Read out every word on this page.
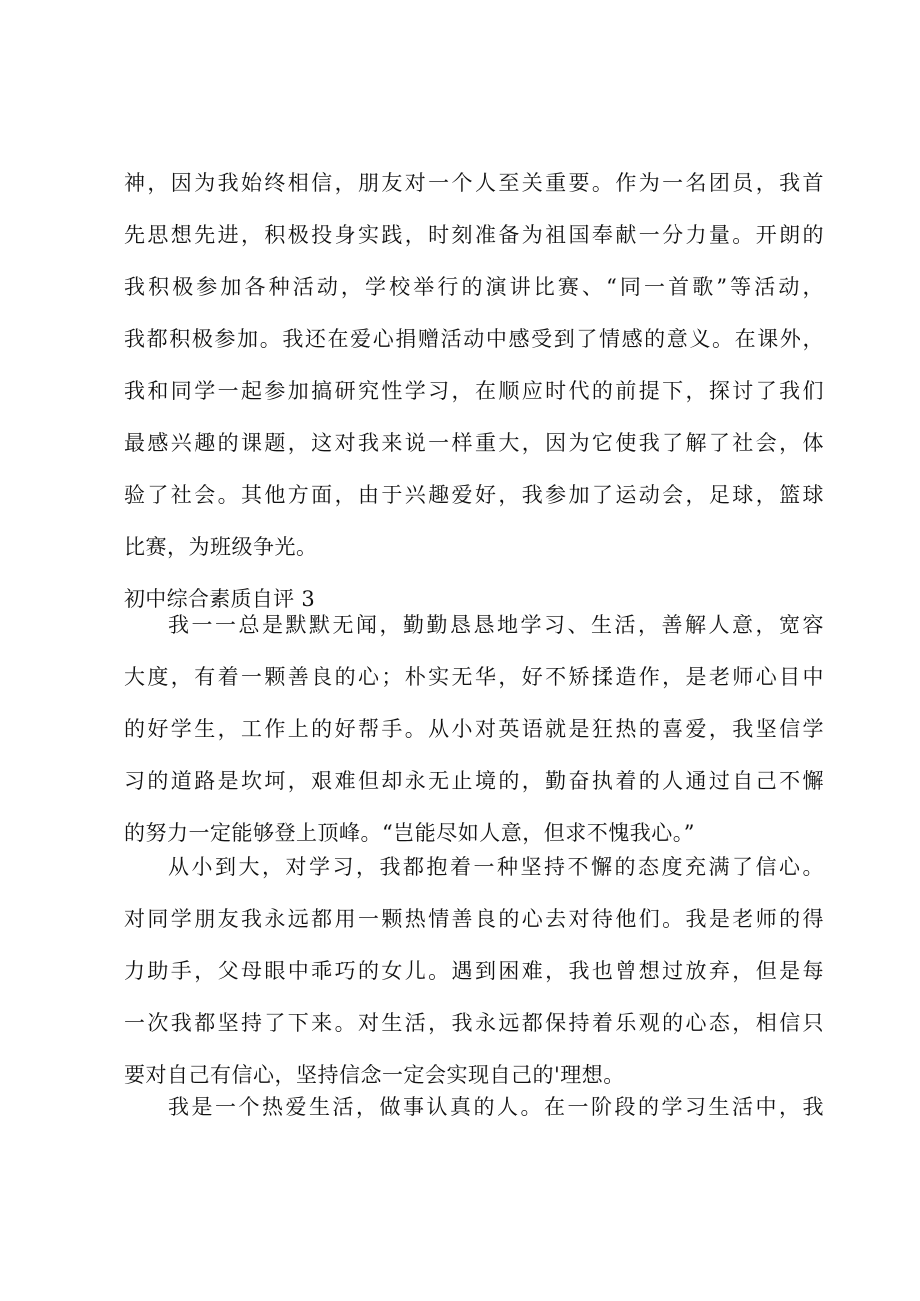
神，因为我始终相信，朋友对一个人至关重要。作为一名团员，我首
先思想先进，积极投身实践，时刻准备为祖国奉献一分力量。开朗的
我积极参加各种活动，学校举行的演讲比赛、“同一首歌”等活动，
我都积极参加。我还在爱心捐赠活动中感受到了情感的意义。在课外，
我和同学一起参加搞研究性学习，在顺应时代的前提下，探讨了我们
最感兴趣的课题，这对我来说一样重大，因为它使我了解了社会，体
验了社会。其他方面，由于兴趣爱好，我参加了运动会，足球，篮球
比赛，为班级争光。
初中综合素质自评 3
我一一总是默默无闻，勤勤恳恳地学习、生活，善解人意，宽容
大度，有着一颗善良的心；朴实无华，好不矫揉造作，是老师心目中
的好学生，工作上的好帮手。从小对英语就是狂热的喜爱，我坚信学
习的道路是坎坷，艰难但却永无止境的，勤奋执着的人通过自己不懈
的努力一定能够登上顶峰。“岂能尽如人意，但求不愧我心。”
从小到大，对学习，我都抱着一种坚持不懈的态度充满了信心。
对同学朋友我永远都用一颗热情善良的心去对待他们。我是老师的得
力助手，父母眼中乖巧的女儿。遇到困难，我也曾想过放弃，但是每
一次我都坚持了下来。对生活，我永远都保持着乐观的心态，相信只
要对自己有信心，坚持信念一定会实现自己的'理想。
我是一个热爱生活，做事认真的人。在一阶段的学习生活中，我
